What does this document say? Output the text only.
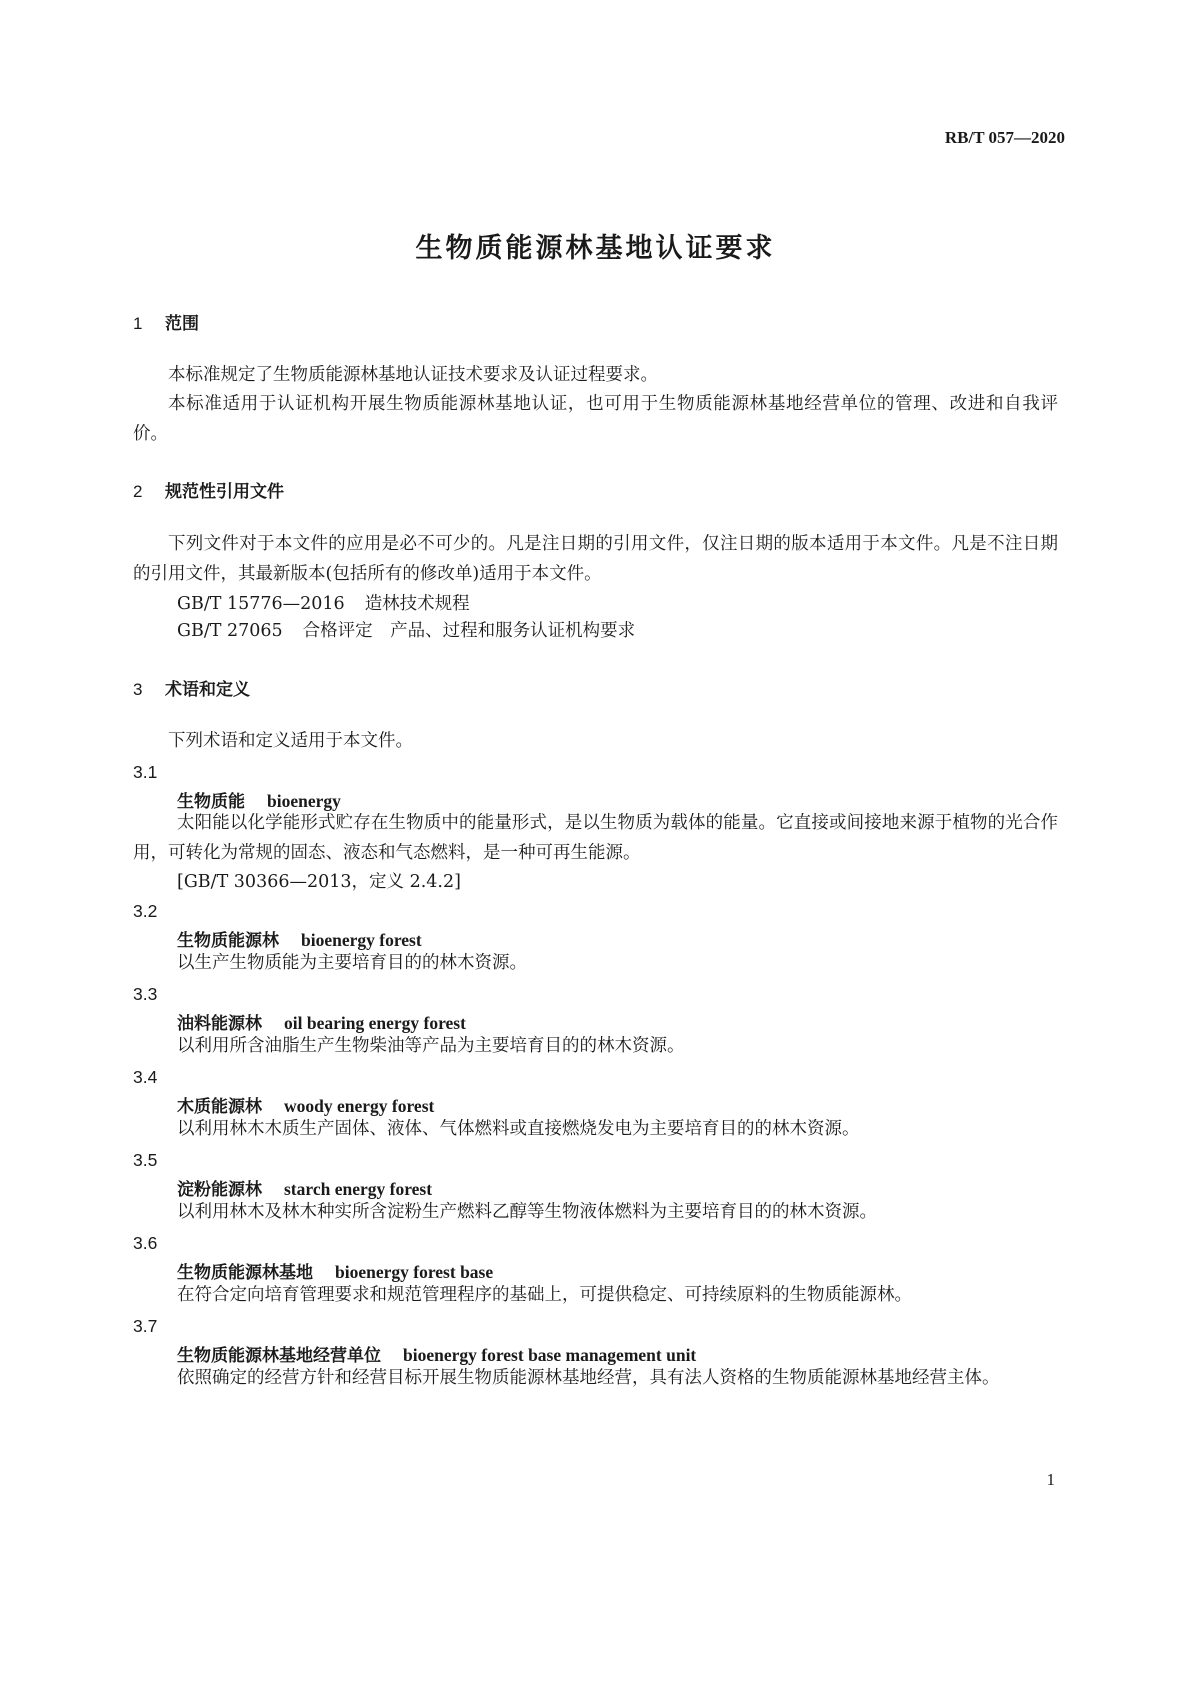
RB/T 057—2020
生物质能源林基地认证要求
1 范围
本标准规定了生物质能源林基地认证技术要求及认证过程要求。
本标准适用于认证机构开展生物质能源林基地认证，也可用于生物质能源林基地经营单位的管理、改进和自我评价。
2 规范性引用文件
下列文件对于本文件的应用是必不可少的。凡是注日期的引用文件，仅注日期的版本适用于本文件。凡是不注日期的引用文件，其最新版本(包括所有的修改单)适用于本文件。
GB/T 15776—2016 造林技术规程
GB/T 27065 合格评定　产品、过程和服务认证机构要求
3 术语和定义
下列术语和定义适用于本文件。
3.1
生物质能 bioenergy
太阳能以化学能形式贮存在生物质中的能量形式，是以生物质为载体的能量。它直接或间接地来源于植物的光合作用，可转化为常规的固态、液态和气态燃料，是一种可再生能源。
[GB/T 30366—2013，定义 2.4.2]
3.2
生物质能源林 bioenergy forest
以生产生物质能为主要培育目的的林木资源。
3.3
油料能源林 oil bearing energy forest
以利用所含油脂生产生物柴油等产品为主要培育目的的林木资源。
3.4
木质能源林 woody energy forest
以利用林木木质生产固体、液体、气体燃料或直接燃烧发电为主要培育目的的林木资源。
3.5
淀粉能源林 starch energy forest
以利用林木及林木种实所含淀粉生产燃料乙醇等生物液体燃料为主要培育目的的林木资源。
3.6
生物质能源林基地 bioenergy forest base
在符合定向培育管理要求和规范管理程序的基础上，可提供稳定、可持续原料的生物质能源林。
3.7
生物质能源林基地经营单位 bioenergy forest base management unit
依照确定的经营方针和经营目标开展生物质能源林基地经营，具有法人资格的生物质能源林基地经营主体。
1
